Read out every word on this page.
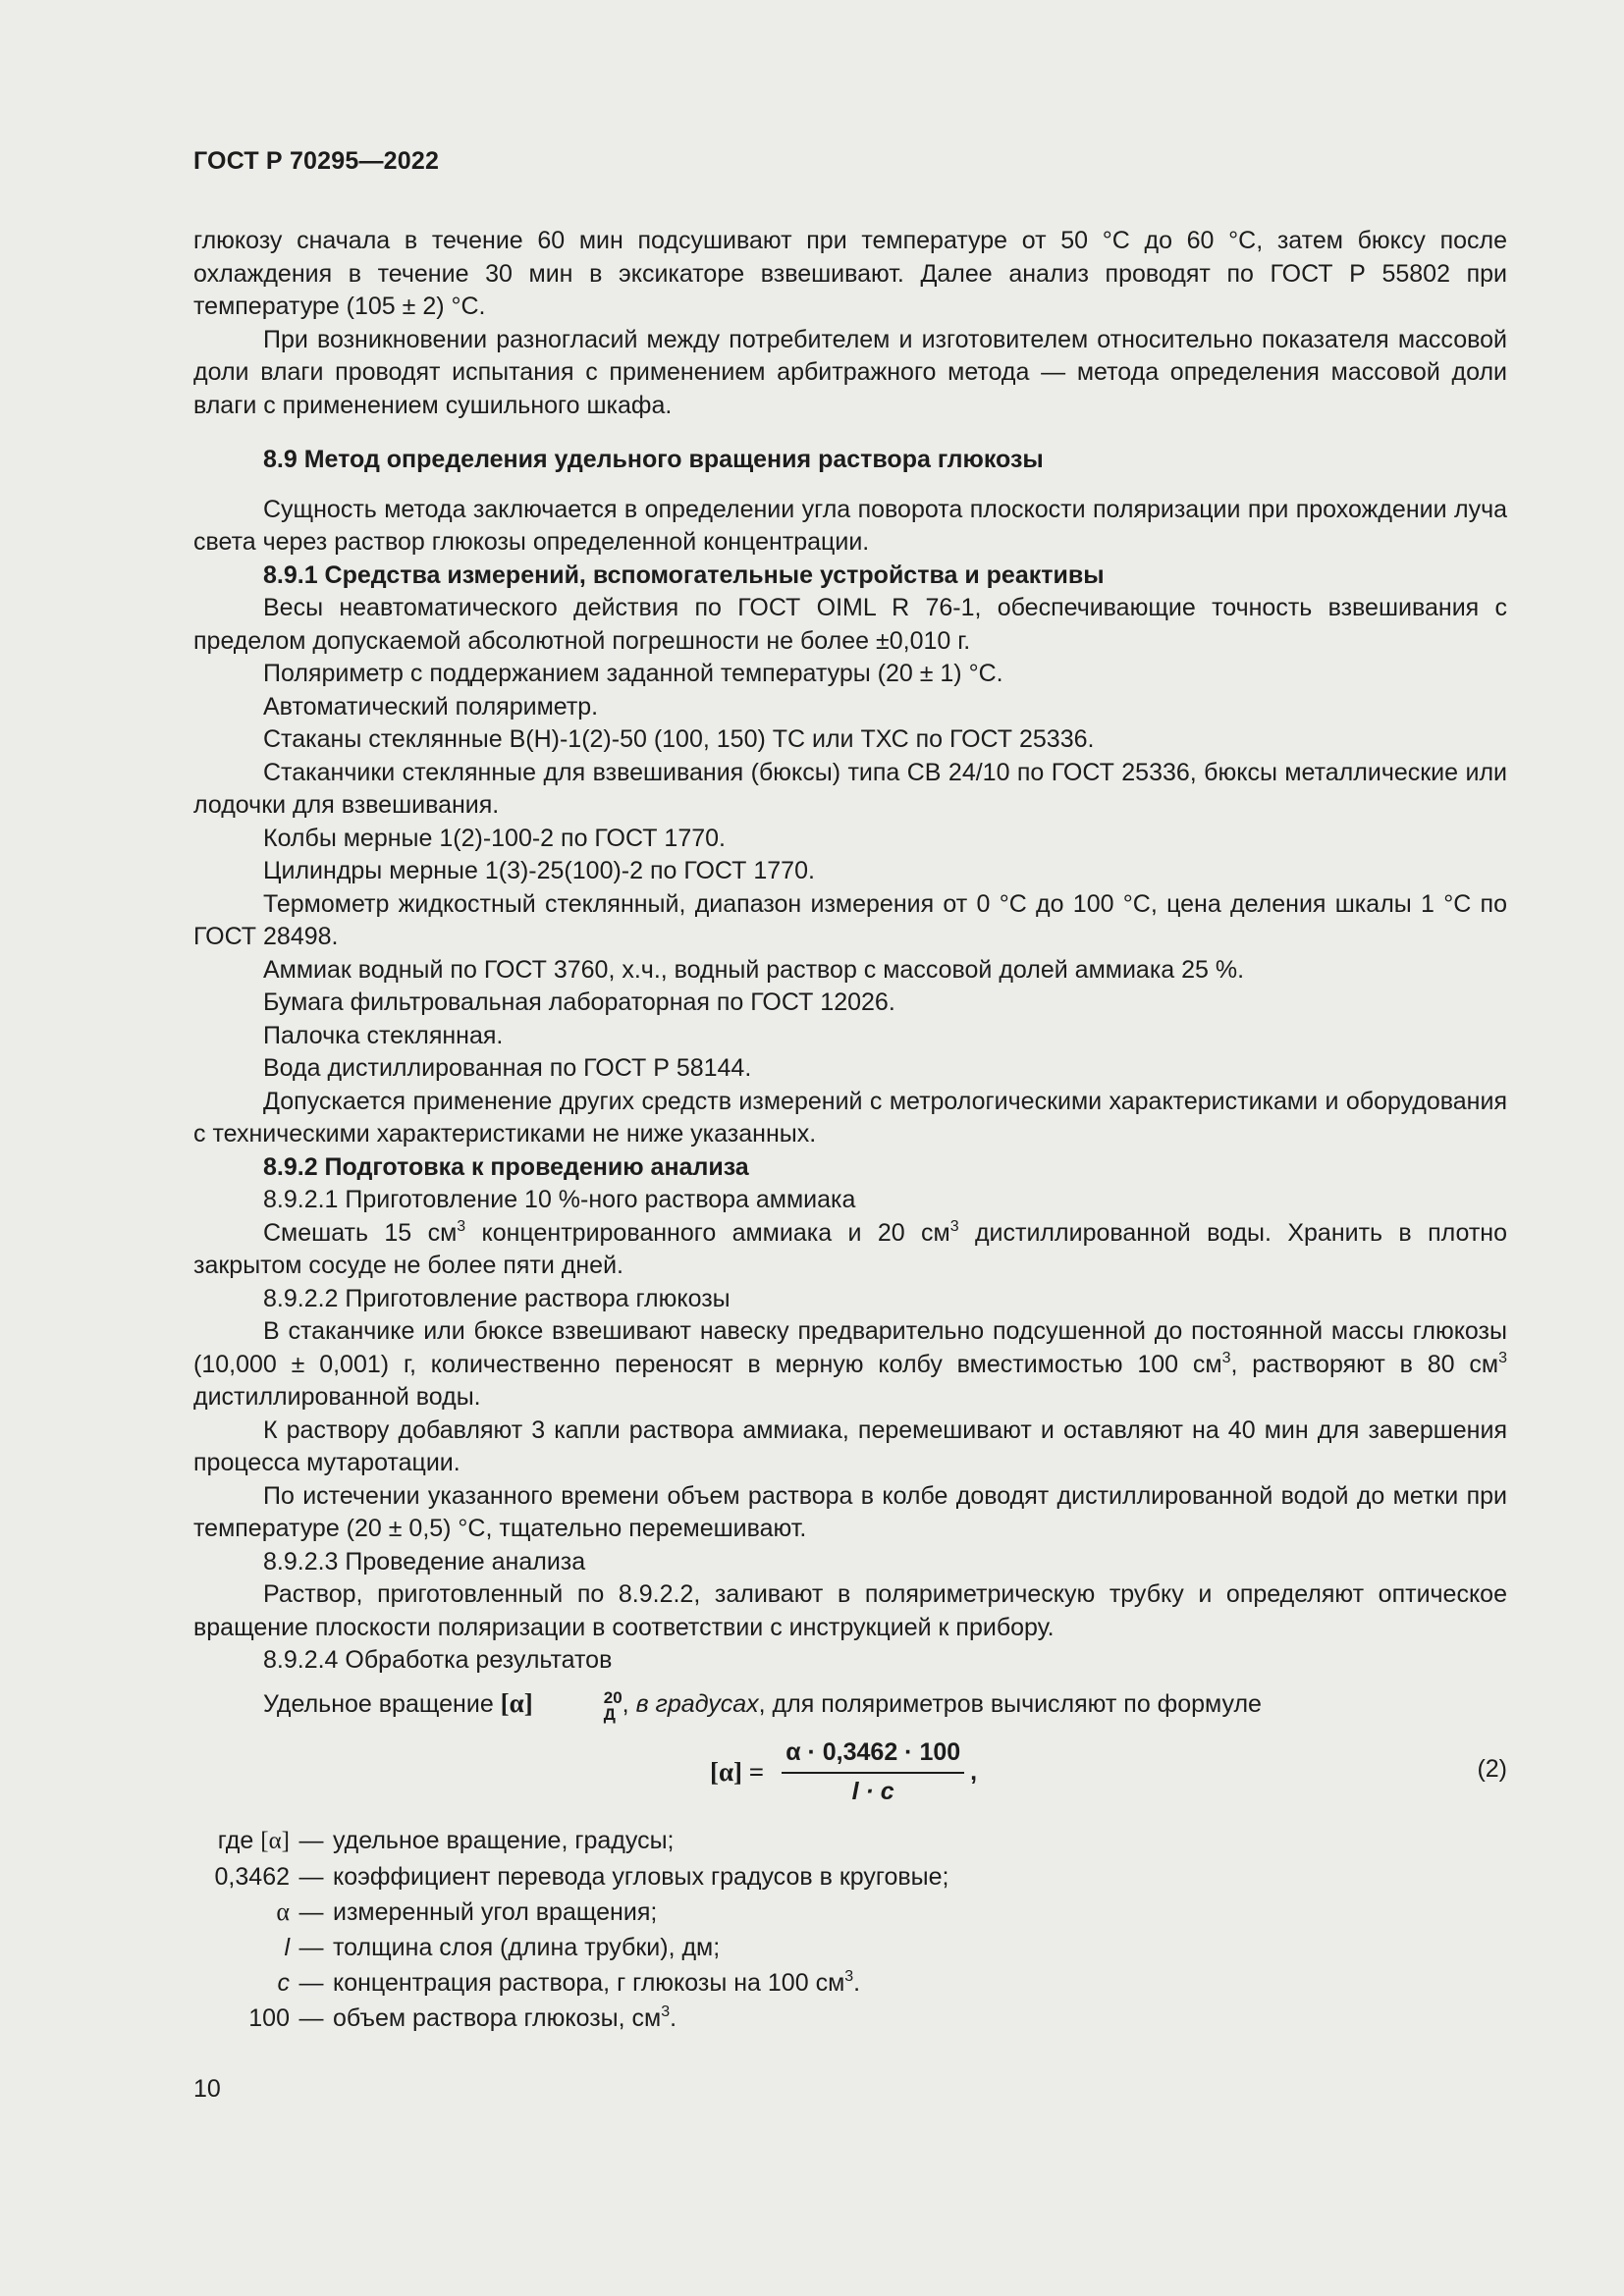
ГОСТ Р 70295—2022

глюкозу сначала в течение 60 мин подсушивают при температуре от 50 °С до 60 °С, затем бюксу после охлаждения в течение 30 мин в эксикаторе взвешивают. Далее анализ проводят по ГОСТ Р 55802 при температуре (105 ± 2) °С.

При возникновении разногласий между потребителем и изготовителем относительно показателя массовой доли влаги проводят испытания с применением арбитражного метода — метода определения массовой доли влаги с применением сушильного шкафа.

8.9 Метод определения удельного вращения раствора глюкозы

Сущность метода заключается в определении угла поворота плоскости поляризации при прохождении луча света через раствор глюкозы определенной концентрации.

8.9.1 Средства измерений, вспомогательные устройства и реактивы

Весы неавтоматического действия по ГОСТ OIML R 76-1, обеспечивающие точность взвешивания с пределом допускаемой абсолютной погрешности не более ±0,010 г.

Поляриметр с поддержанием заданной температуры (20 ± 1) °С.

Автоматический поляриметр.

Стаканы стеклянные В(Н)-1(2)-50 (100, 150) ТС или ТХС по ГОСТ 25336.

Стаканчики стеклянные для взвешивания (бюксы) типа СВ 24/10 по ГОСТ 25336, бюксы металлические или лодочки для взвешивания.

Колбы мерные 1(2)-100-2 по ГОСТ 1770.

Цилиндры мерные 1(3)-25(100)-2 по ГОСТ 1770.

Термометр жидкостный стеклянный, диапазон измерения от 0 °С до 100 °С, цена деления шкалы 1 °С по ГОСТ 28498.

Аммиак водный по ГОСТ 3760, х.ч., водный раствор с массовой долей аммиака 25 %.

Бумага фильтровальная лабораторная по ГОСТ 12026.

Палочка стеклянная.

Вода дистиллированная по ГОСТ Р 58144.

Допускается применение других средств измерений с метрологическими характеристиками и оборудования с техническими характеристиками не ниже указанных.

8.9.2 Подготовка к проведению анализа

8.9.2.1 Приготовление 10 %-ного раствора аммиака

Смешать 15 $см^3$ концентрированного аммиака и 20 $см^3$ дистиллированной воды. Хранить в плотно закрытом сосуде не более пяти дней.

8.9.2.2 Приготовление раствора глюкозы

В стаканчике или бюксе взвешивают навеску предварительно подсушенной до постоянной массы глюкозы (10,000 ± 0,001) г, количественно переносят в мерную колбу вместимостью 100 $см^3$, растворяют в 80 $см^3$ дистиллированной воды.

К раствору добавляют 3 капли раствора аммиака, перемешивают и оставляют на 40 мин для завершения процесса мутаротации.

По истечении указанного времени объем раствора в колбе доводят дистиллированной водой до метки при температуре (20 ± 0,5) °С, тщательно перемешивают.

8.9.2.3 Проведение анализа

Раствор, приготовленный по 8.9.2.2, заливают в поляриметрическую трубку и определяют оптическое вращение плоскости поляризации в соответствии с инструкцией к прибору.

8.9.2.4 Обработка результатов

Удельное вращение [α]	20
Д , в градусах, для поляриметров вычисляют по формуле

$[\alpha] = \frac{\alpha \cdot 0,3462 \cdot 100}{l \cdot c}$ ,	(2)
где [α] — удельное вращение, градусы;
0,3462 — коэффициент перевода угловых градусов в круговые;
α — измеренный угол вращения;
l — толщина слоя (длина трубки), дм;
c — концентрация раствора, г глюкозы на 100 $см^3$.
100 — объем раствора глюкозы, $см^3$.
10
